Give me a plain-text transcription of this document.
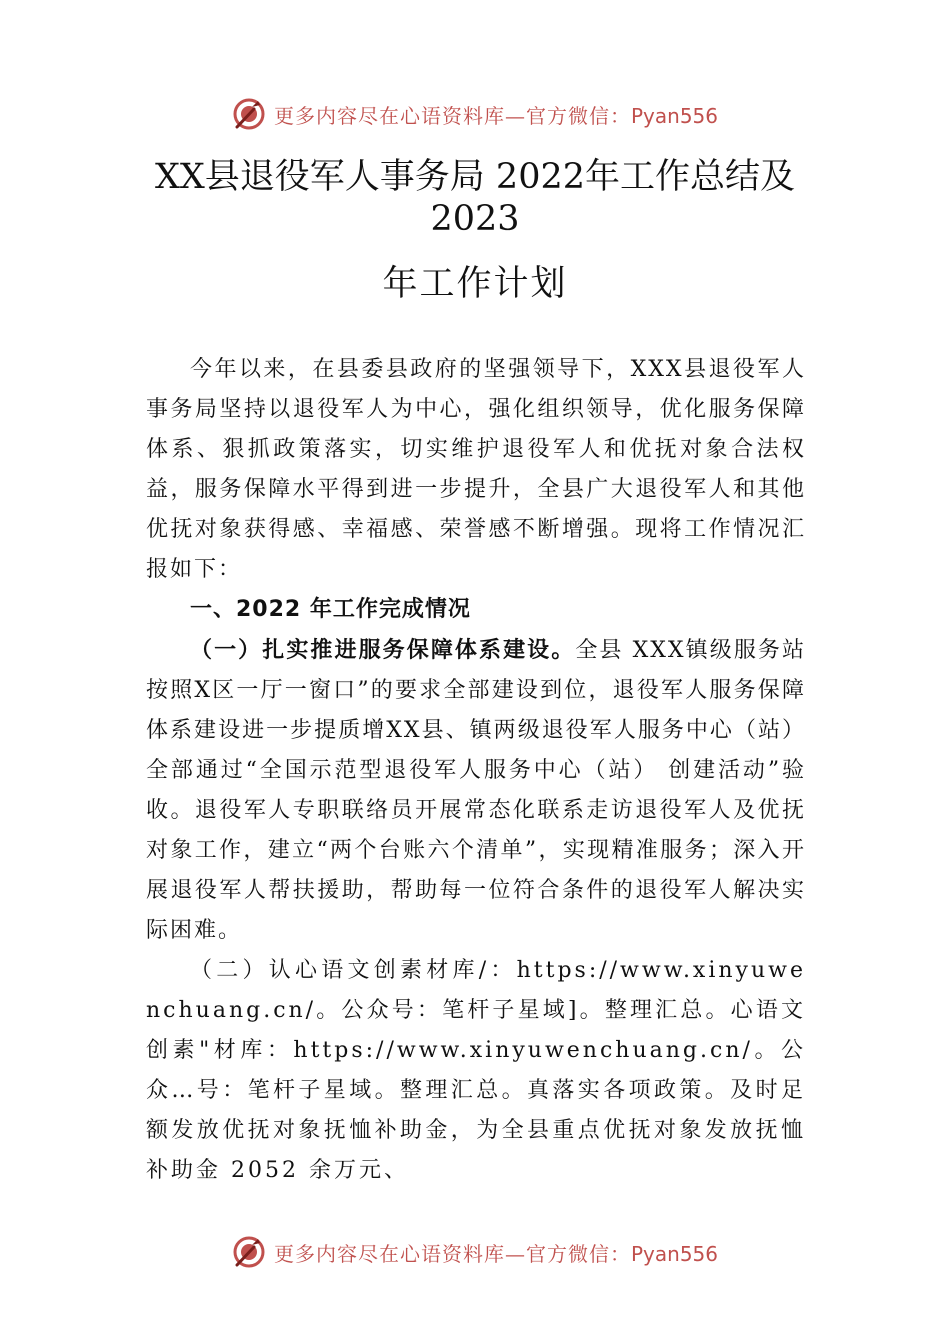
更多内容尽在心语资料库—官方微信：Pyan556
XX县退役军人事务局 2022年工作总结及
2023
年工作计划

今年以来，在县委县政府的坚强领导下，XXX县退役军人事务局坚持以退役军人为中心，强化组织领导，优化服务保障体系、狠抓政策落实，切实维护退役军人和优抚对象合法权益，服务保障水平得到进一步提升，全县广大退役军人和其他优抚对象获得感、幸福感、荣誉感不断增强。现将工作情况汇报如下：

一、2022 年工作完成情况

（一）扎实推进服务保障体系建设。全县 XXX镇级服务站按照X区一厅一窗口”的要求全部建设到位，退役军人服务保障体系建设进一步提质增XX县、镇两级退役军人服务中心（站）全部通过“全国示范型退役军人服务中心（站） 创建活动”验收。退役军人专职联络员开展常态化联系走访退役军人及优抚对象工作，建立“两个台账六个清单”，实现精准服务；深入开展退役军人帮扶援助，帮助每一位符合条件的退役军人解决实际困难。

（二）认心语文创素材库/：https://www.xinyuwenchuang.cn/。公众号：笔杆子星域]。整理汇总。心语文创素"材库：https://www.xinyuwenchuang.cn/。公众…号：笔杆子星域。整理汇总。真落实各项政策。及时足额发放优抚对象抚恤补助金，为全县重点优抚对象发放抚恤补助金 2052 余万元、

更多内容尽在心语资料库—官方微信：Pyan556
